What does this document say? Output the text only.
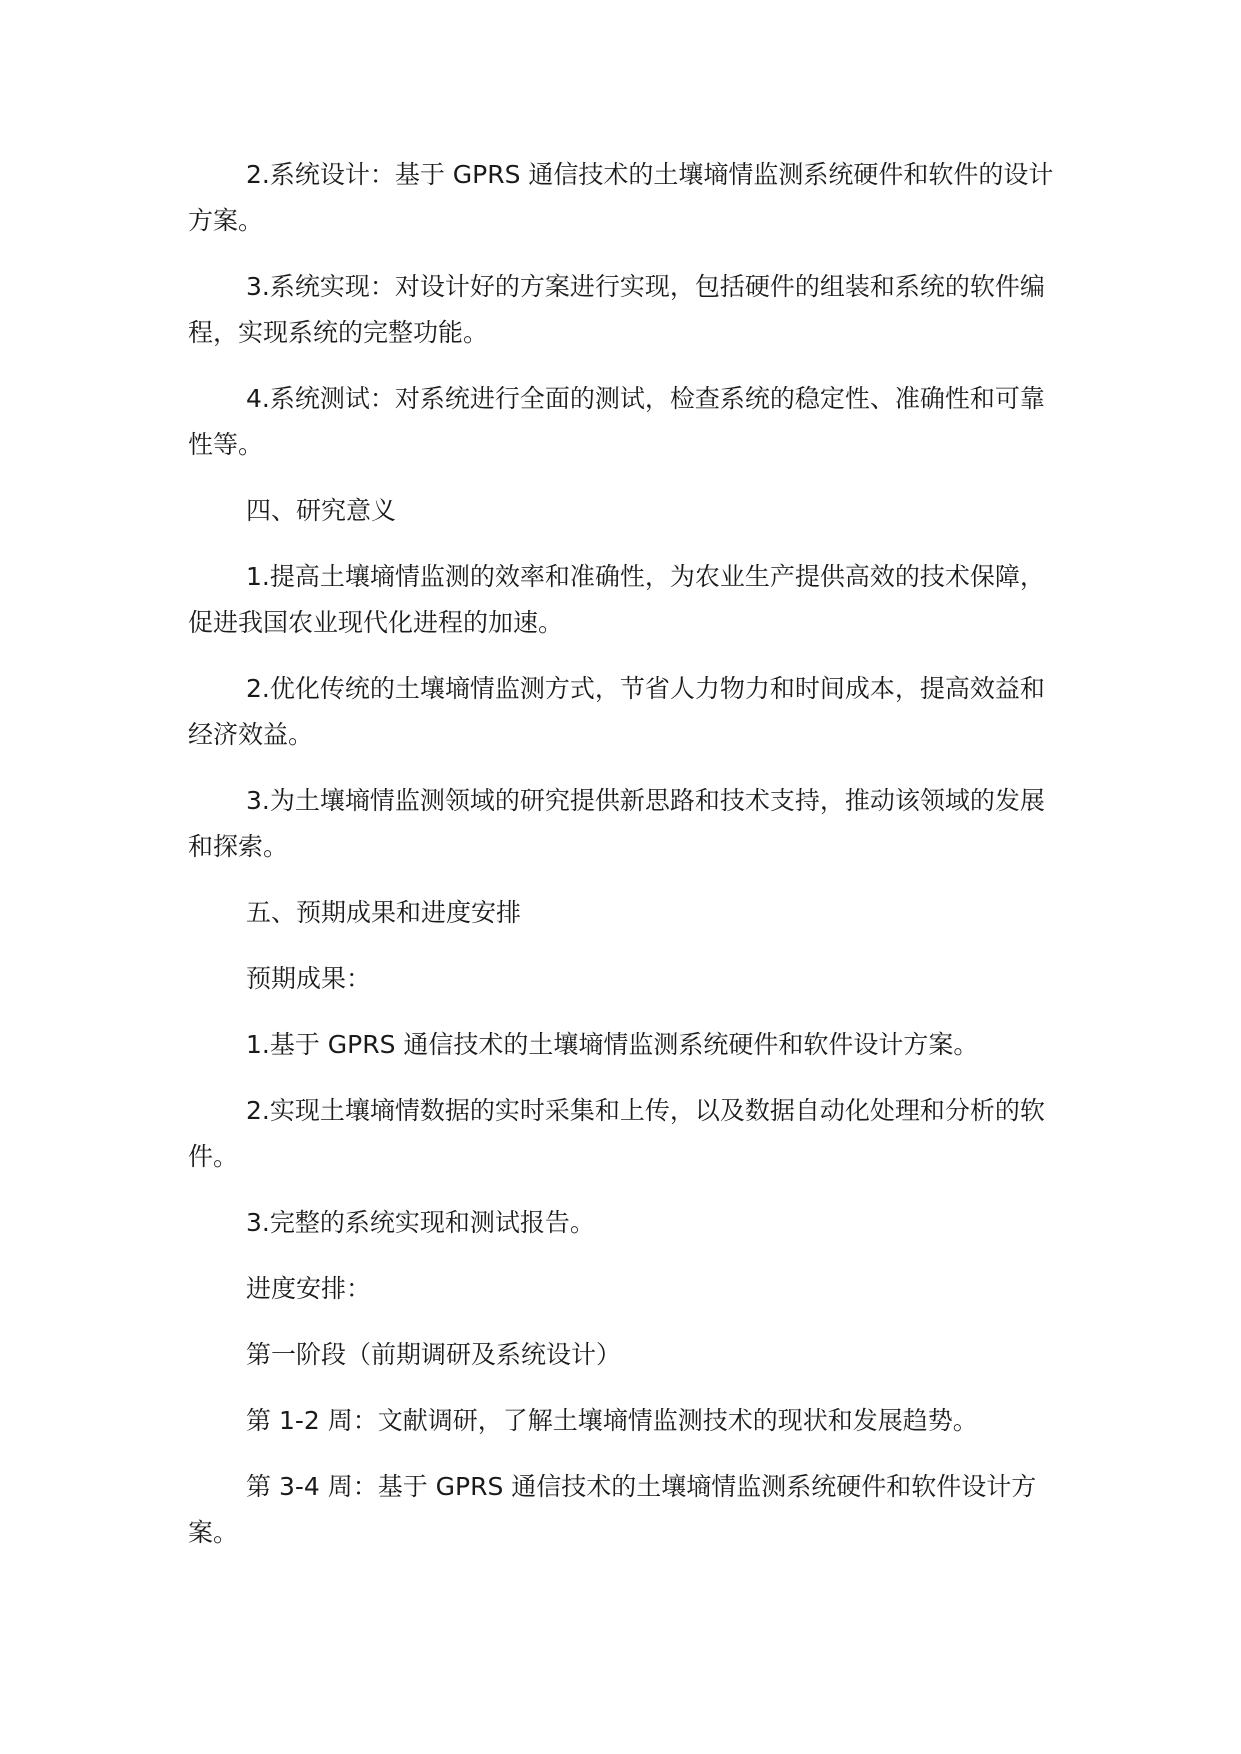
2.系统设计：基于 GPRS 通信技术的土壤墒情监测系统硬件和软件的设计方案。

3.系统实现：对设计好的方案进行实现，包括硬件的组装和系统的软件编程，实现系统的完整功能。

4.系统测试：对系统进行全面的测试，检查系统的稳定性、准确性和可靠性等。

四、研究意义

1.提高土壤墒情监测的效率和准确性，为农业生产提供高效的技术保障，促进我国农业现代化进程的加速。

2.优化传统的土壤墒情监测方式，节省人力物力和时间成本，提高效益和经济效益。

3.为土壤墒情监测领域的研究提供新思路和技术支持，推动该领域的发展和探索。

五、预期成果和进度安排

预期成果：

1.基于 GPRS 通信技术的土壤墒情监测系统硬件和软件设计方案。

2.实现土壤墒情数据的实时采集和上传，以及数据自动化处理和分析的软件。

3.完整的系统实现和测试报告。

进度安排：

第一阶段（前期调研及系统设计）

第 1-2 周：文献调研，了解土壤墒情监测技术的现状和发展趋势。

第 3-4 周：基于 GPRS 通信技术的土壤墒情监测系统硬件和软件设计方案。
